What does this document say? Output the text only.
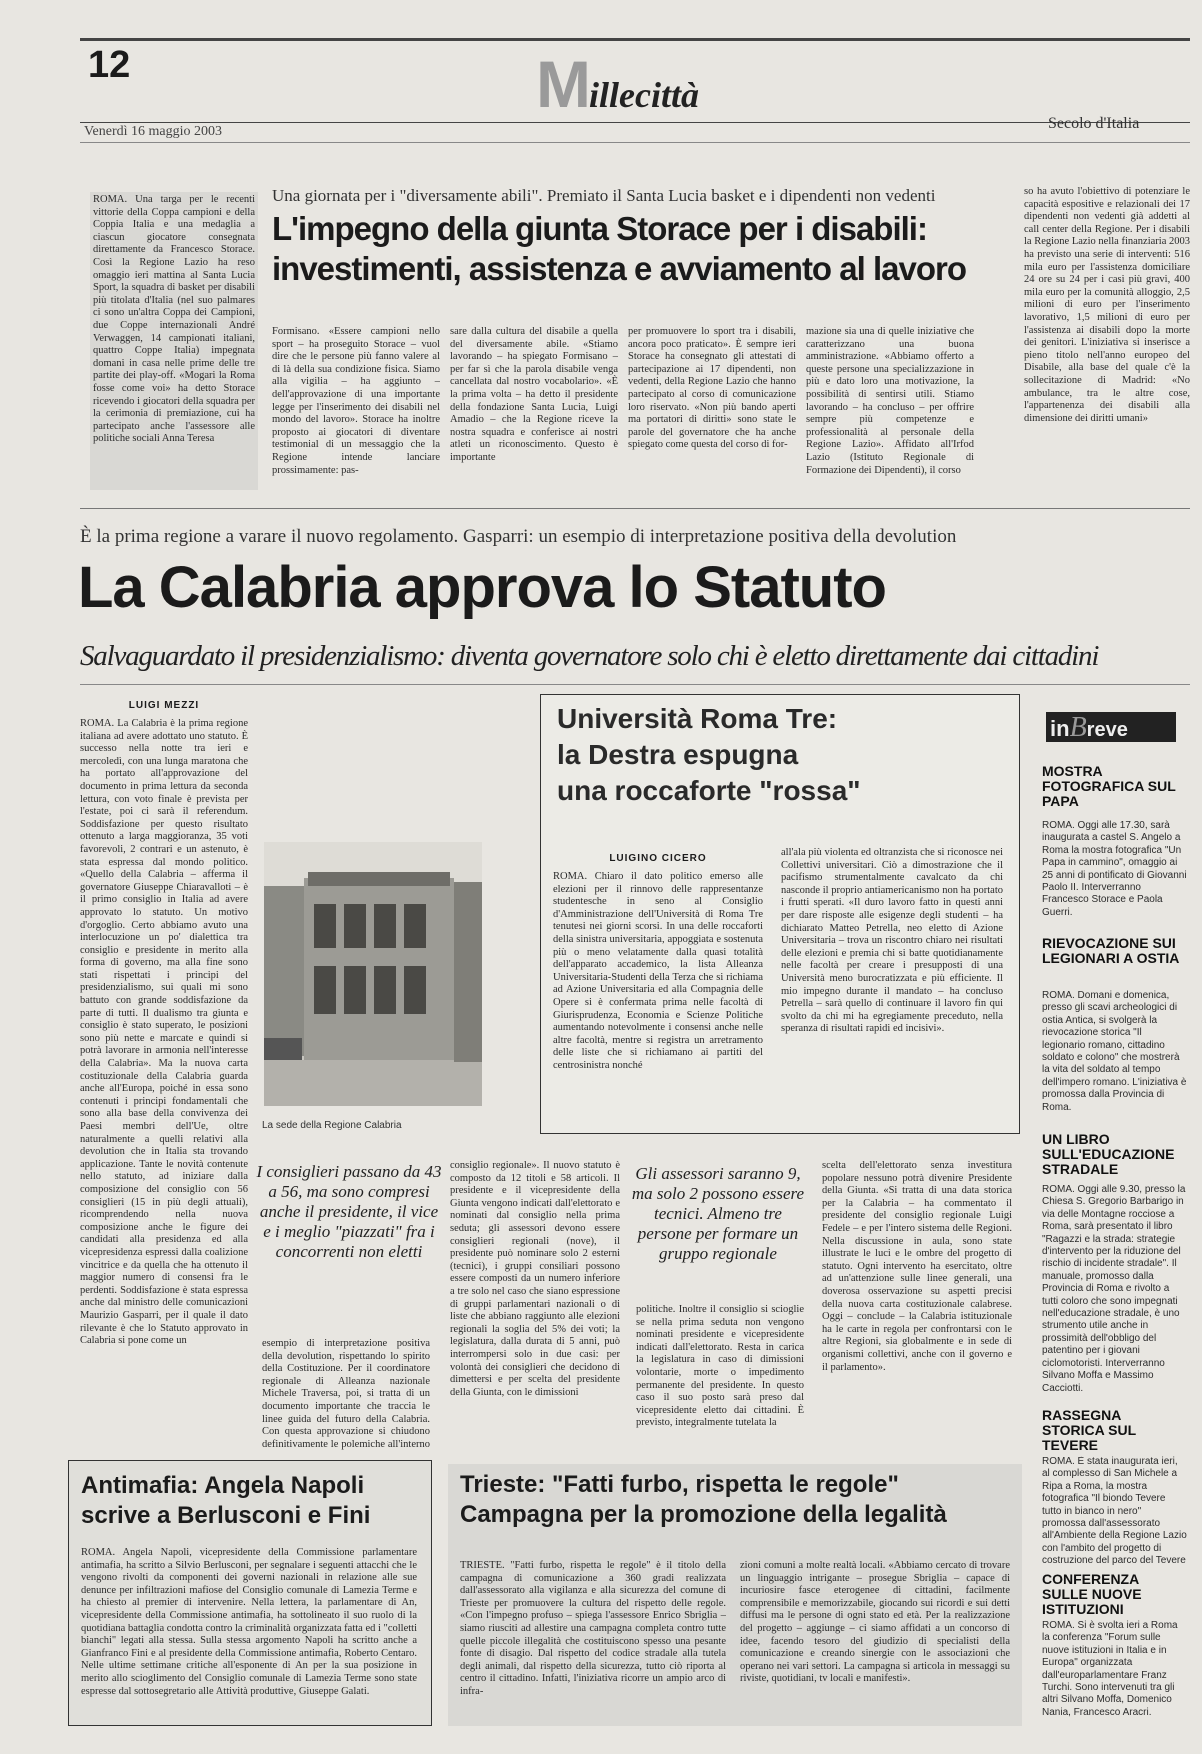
12	Millecittà
Venerdì 16 maggio 2003	Secolo d'Italia
ROMA. Una targa per le recenti vittorie della Coppa campioni e della Coppia Italia e una medaglia a ciascun giocatore consegnata direttamente da Francesco Storace. Così la Regione Lazio ha reso omaggio ieri mattina al Santa Lucia Sport, la squadra di basket per disabili più titolata d'Italia (nel suo palmares ci sono un'altra Coppa dei Campioni, due Coppe internazionali André Verwaggen, 14 campionati italiani, quattro Coppe Italia) impegnata domani in casa nelle prime delle tre partite dei play-off. «Mogari la Roma fosse come voi» ha detto Storace ricevendo i giocatori della squadra per la cerimonia di premiazione, cui ha partecipato anche l'assessore alle politiche sociali Anna Teresa
Una giornata per i "diversamente abili". Premiato il Santa Lucia basket e i dipendenti non vedenti
L'impegno della giunta Storace per i disabili:
investimenti, assistenza e avviamento al lavoro
Formisano. «Essere campioni nello sport – ha proseguito Storace – vuol dire che le persone più fanno valere al di là della sua condizione fisica. Siamo alla vigilia – ha aggiunto – dell'approvazione di una importante legge per l'inserimento dei disabili nel mondo del lavoro». Storace ha inoltre proposto ai giocatori di diventare testimonial di un messaggio che la Regione intende lanciare prossimamente: pas-
sare dalla cultura del disabile a quella del diversamente abile. «Stiamo lavorando – ha spiegato Formisano – per far sì che la parola disabile venga cancellata dal nostro vocabolario». «È la prima volta – ha detto il presidente della fondazione Santa Lucia, Luigi Amadio – che la Regione riceve la nostra squadra e conferisce ai nostri atleti un riconoscimento. Questo è importante
per promuovere lo sport tra i disabili, ancora poco praticato». È sempre ieri Storace ha consegnato gli attestati di partecipazione ai 17 dipendenti, non vedenti, della Regione Lazio che hanno partecipato al corso di comunicazione loro riservato. «Non più bando aperti ma portatori di diritti» sono state le parole del governatore che ha anche spiegato come questa del corso di for-
mazione sia una di quelle iniziative che caratterizzano una buona amministrazione. «Abbiamo offerto a queste persone una specializzazione in più e dato loro una motivazione, la possibilità di sentirsi utili. Stiamo lavorando – ha concluso – per offrire sempre più competenze e professionalità al personale della Regione Lazio». Affidato all'Irfod Lazio (Istituto Regionale di Formazione dei Dipendenti), il corso
so ha avuto l'obiettivo di potenziare le capacità espositive e relazionali dei 17 dipendenti non vedenti già addetti al call center della Regione. Per i disabili la Regione Lazio nella finanziaria 2003 ha previsto una serie di interventi: 516 mila euro per l'assistenza domiciliare 24 ore su 24 per i casi più gravi, 400 mila euro per la comunità alloggio, 2,5 milioni di euro per l'inserimento lavorativo, 1,5 milioni di euro per l'assistenza ai disabili dopo la morte dei genitori. L'iniziativa si inserisce a pieno titolo nell'anno europeo del Disabile, alla base del quale c'è la sollecitazione di Madrid: «No ambulance, tra le altre cose, l'appartenenza dei disabili alla dimensione dei diritti umani»
È la prima regione a varare il nuovo regolamento. Gasparri: un esempio di interpretazione positiva della devolution
La Calabria approva lo Statuto
Salvaguardato il presidenzialismo: diventa governatore solo chi è eletto direttamente dai cittadini
LUIGI MEZZI
ROMA. La Calabria è la prima regione italiana ad avere adottato uno statuto. È successo nella notte tra ieri e mercoledì, con una lunga maratona che ha portato all'approvazione del documento in prima lettura da seconda lettura, con voto finale è prevista per l'estate, poi ci sarà il referendum. Soddisfazione per questo risultato ottenuto a larga maggioranza, 35 voti favorevoli, 2 contrari e un astenuto, è stata espressa dal mondo politico. «Quello della Calabria – afferma il governatore Giuseppe Chiaravalloti – è il primo consiglio in Italia ad avere approvato lo statuto. Un motivo d'orgoglio. Certo abbiamo avuto una interlocuzione un po' dialettica tra consiglio e presidente in merito alla forma di governo, ma alla fine sono stati rispettati i principi del presidenzialismo, sui quali mi sono battuto con grande soddisfazione da parte di tutti. Il dualismo tra giunta e consiglio è stato superato, le posizioni sono più nette e marcate e quindi si potrà lavorare in armonia nell'interesse della Calabria». Ma la nuova carta costituzionale della Calabria guarda anche all'Europa, poiché in essa sono contenuti i principi fondamentali che sono alla base della convivenza dei Paesi membri dell'Ue, oltre naturalmente a quelli relativi alla devolution che in Italia sta trovando applicazione. Tante le novità contenute nello statuto, ad iniziare dalla composizione del consiglio con 56 consiglieri (15 in più degli attuali), ricomprendendo nella nuova composizione anche le figure dei candidati alla presidenza ed alla vicepresidenza espressi dalla coalizione vincitrice e da quella che ha ottenuto il maggior numero di consensi fra le perdenti. Soddisfazione è stata espressa anche dal ministro delle comunicazioni Maurizio Gasparri, per il quale il dato rilevante è che lo Statuto approvato in Calabria si pone come un
La sede della Regione Calabria
I consiglieri passano da 43 a 56, ma sono compresi anche il presidente, il vice e i meglio "piazzati" fra i concorrenti non eletti
esempio di interpretazione positiva della devolution, rispettando lo spirito della Costituzione. Per il coordinatore regionale di Alleanza nazionale Michele Traversa, poi, si tratta di un documento importante che traccia le linee guida del futuro della Calabria. Con questa approvazione si chiudono definitivamente le polemiche all'interno
consiglio regionale». Il nuovo statuto è composto da 12 titoli e 58 articoli. Il presidente e il vicepresidente della Giunta vengono indicati dall'elettorato e nominati dal consiglio nella prima seduta; gli assessori devono essere consiglieri regionali (nove), il presidente può nominare solo 2 esterni (tecnici), i gruppi consiliari possono essere composti da un numero inferiore a tre solo nel caso che siano espressione di gruppi parlamentari nazionali o di liste che abbiano raggiunto alle elezioni regionali la soglia del 5% dei voti; la legislatura, dalla durata di 5 anni, può interrompersi solo in due casi: per volontà dei consiglieri che decidono di dimettersi e per scelta del presidente della Giunta, con le dimissioni
Gli assessori saranno 9, ma solo 2 possono essere tecnici. Almeno tre persone per formare un gruppo regionale
politiche. Inoltre il consiglio si scioglie se nella prima seduta non vengono nominati presidente e vicepresidente indicati dall'elettorato. Resta in carica la legislatura in caso di dimissioni volontarie, morte o impedimento permanente del presidente. In questo caso il suo posto sarà preso dal vicepresidente eletto dai cittadini. È previsto, integralmente tutelata la
scelta dell'elettorato senza investitura popolare nessuno potrà divenire Presidente della Giunta. «Si tratta di una data storica per la Calabria – ha commentato il presidente del consiglio regionale Luigi Fedele – e per l'intero sistema delle Regioni. Nella discussione in aula, sono state illustrate le luci e le ombre del progetto di statuto. Ogni intervento ha esercitato, oltre ad un'attenzione sulle linee generali, una doverosa osservazione su aspetti precisi della nuova carta costituzionale calabrese. Oggi – conclude – la Calabria istituzionale ha le carte in regola per confrontarsi con le altre Regioni, sia globalmente e in sede di organismi collettivi, anche con il governo e il parlamento».
Università Roma Tre:
la Destra espugna
una roccaforte "rossa"
LUIGINO CICERO
ROMA. Chiaro il dato politico emerso alle elezioni per il rinnovo delle rappresentanze studentesche in seno al Consiglio d'Amministrazione dell'Università di Roma Tre tenutesi nei giorni scorsi. In una delle roccaforti della sinistra universitaria, appoggiata e sostenuta più o meno velatamente dalla quasi totalità dell'apparato accademico, la lista Alleanza Universitaria-Studenti della Terza che si richiama ad Azione Universitaria ed alla Compagnia delle Opere si è confermata prima nelle facoltà di Giurisprudenza, Economia e Scienze Politiche aumentando notevolmente i consensi anche nelle altre facoltà, mentre si registra un arretramento delle liste che si richiamano ai partiti del centrosinistra nonché
all'ala più violenta ed oltranzista che si riconosce nei Collettivi universitari. Ciò a dimostrazione che il pacifismo strumentalmente cavalcato da chi nasconde il proprio antiamericanismo non ha portato i frutti sperati. «Il duro lavoro fatto in questi anni per dare risposte alle esigenze degli studenti – ha dichiarato Matteo Petrella, neo eletto di Azione Universitaria – trova un riscontro chiaro nei risultati delle elezioni e premia chi si batte quotidianamente nelle facoltà per creare i presupposti di una Università meno burocratizzata e più efficiente. Il mio impegno durante il mandato – ha concluso Petrella – sarà quello di continuare il lavoro fin qui svolto da chi mi ha egregiamente preceduto, nella speranza di risultati rapidi ed incisivi».
inBreve
MOSTRA FOTOGRAFICA SUL PAPA
ROMA. Oggi alle 17.30, sarà inaugurata a castel S. Angelo a Roma la mostra fotografica "Un Papa in cammino", omaggio ai 25 anni di pontificato di Giovanni Paolo II. Interverranno Francesco Storace e Paola Guerri.
RIEVOCAZIONE SUI LEGIONARI A OSTIA
ROMA. Domani e domenica, presso gli scavi archeologici di ostia Antica, si svolgerà la rievocazione storica "Il legionario romano, cittadino soldato e colono" che mostrerà la vita del soldato al tempo dell'impero romano. L'iniziativa è promossa dalla Provincia di Roma.
UN LIBRO SULL'EDUCAZIONE STRADALE
ROMA. Oggi alle 9.30, presso la Chiesa S. Gregorio Barbarigo in via delle Montagne rocciose a Roma, sarà presentato il libro "Ragazzi e la strada: strategie d'intervento per la riduzione del rischio di incidente stradale". Il manuale, promosso dalla Provincia di Roma e rivolto a tutti coloro che sono impegnati nell'educazione stradale, è uno strumento utile anche in prossimità dell'obbligo del patentino per i giovani ciclomotoristi. Interverranno Silvano Moffa e Massimo Cacciotti.
RASSEGNA STORICA SUL TEVERE
ROMA. È stata inaugurata ieri, al complesso di San Michele a Ripa a Roma, la mostra fotografica "Il biondo Tevere tutto in bianco in nero" promossa dall'assessorato all'Ambiente della Regione Lazio con l'ambito del progetto di costruzione del parco del Tevere
CONFERENZA SULLE NUOVE ISTITUZIONI
ROMA. Si è svolta ieri a Roma la conferenza "Forum sulle nuove istituzioni in Italia e in Europa" organizzata dall'europarlamentare Franz Turchi. Sono intervenuti tra gli altri Silvano Moffa, Domenico Nania, Francesco Aracri.
Antimafia: Angela Napoli
scrive a Berlusconi e Fini
ROMA. Angela Napoli, vicepresidente della Commissione parlamentare antimafia, ha scritto a Silvio Berlusconi, per segnalare i seguenti attacchi che le vengono rivolti da componenti dei governi nazionali in relazione alle sue denunce per infiltrazioni mafiose del Consiglio comunale di Lamezia Terme e ha chiesto al premier di intervenire. Nella lettera, la parlamentare di An, vicepresidente della Commissione antimafia, ha sottolineato il suo ruolo di la quotidiana battaglia condotta contro la criminalità organizzata fatta ed i "colletti bianchi" legati alla stessa. Sulla stessa argomento Napoli ha scritto anche a Gianfranco Fini e al presidente della Commissione antimafia, Roberto Centaro. Nelle ultime settimane critiche all'esponente di An per la sua posizione in merito allo scioglimento del Consiglio comunale di Lamezia Terme sono state espresse dal sottosegretario alle Attività produttive, Giuseppe Galati.
Trieste: "Fatti furbo, rispetta le regole"
Campagna per la promozione della legalità
TRIESTE. "Fatti furbo, rispetta le regole" è il titolo della campagna di comunicazione a 360 gradi realizzata dall'assessorato alla vigilanza e alla sicurezza del comune di Trieste per promuovere la cultura del rispetto delle regole. «Con l'impegno profuso – spiega l'assessore Enrico Sbriglia – siamo riusciti ad allestire una campagna completa contro tutte quelle piccole illegalità che costituiscono spesso una pesante fonte di disagio. Dal rispetto del codice stradale alla tutela degli animali, dal rispetto della sicurezza, tutto ciò riporta al centro il cittadino. Infatti, l'iniziativa ricorre un ampio arco di infra-
zioni comuni a molte realtà locali. «Abbiamo cercato di trovare un linguaggio intrigante – prosegue Sbriglia – capace di incuriosire fasce eterogenee di cittadini, facilmente comprensibile e memorizzabile, giocando sui ricordi e sui detti diffusi ma le persone di ogni stato ed età. Per la realizzazione del progetto – aggiunge – ci siamo affidati a un concorso di idee, facendo tesoro del giudizio di specialisti della comunicazione e creando sinergie con le associazioni che operano nei vari settori. La campagna si articola in messaggi su riviste, quotidiani, tv locali e manifesti».
